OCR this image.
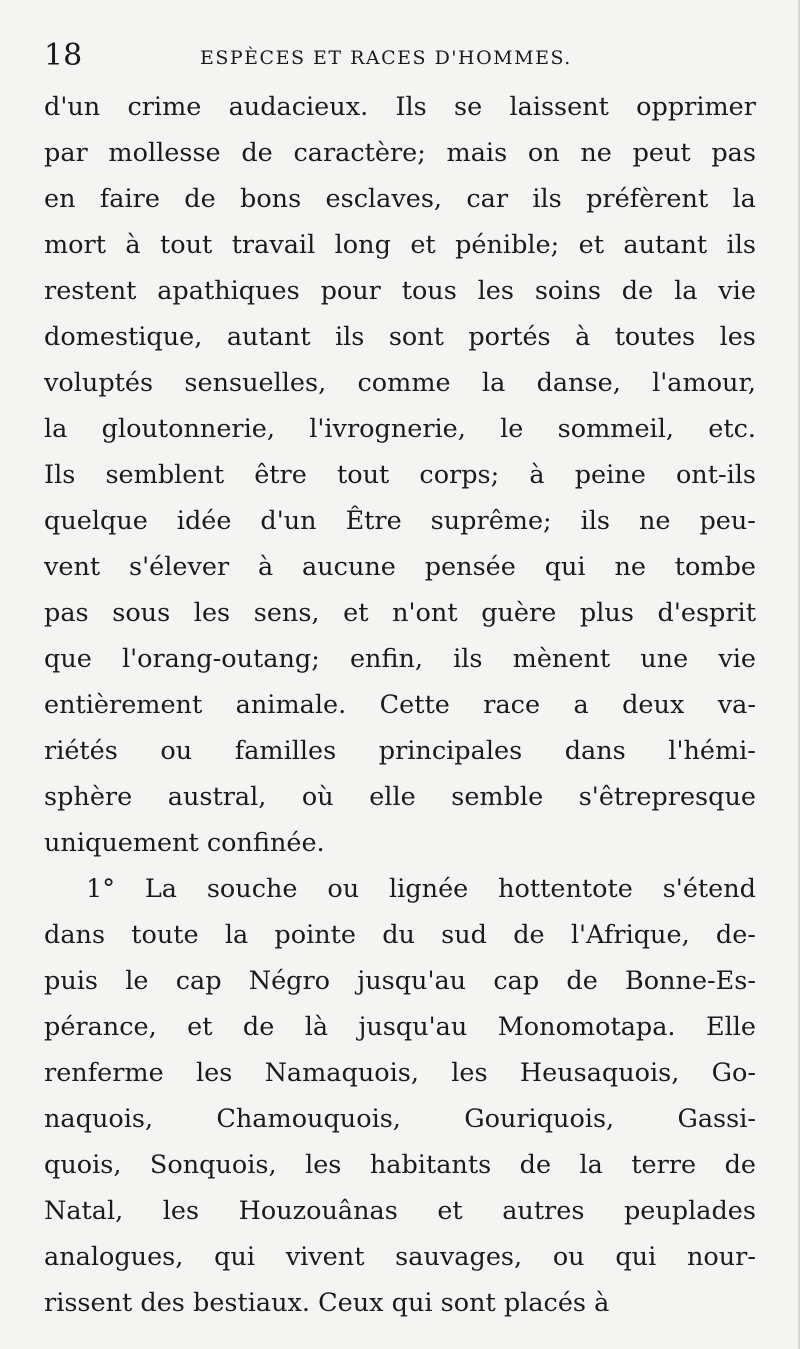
18	ESPÈCES ET RACES D'HOMMES.
d'un crime audacieux. Ils se laissent opprimer
par mollesse de caractère; mais on ne peut pas
en faire de bons esclaves, car ils préfèrent la
mort à tout travail long et pénible; et autant ils
restent apathiques pour tous les soins de la vie
domestique, autant ils sont portés à toutes les
voluptés sensuelles, comme la danse, l'amour,
la gloutonnerie, l'ivrognerie, le sommeil, etc.
Ils semblent être tout corps; à peine ont-ils
quelque idée d'un Être suprême; ils ne peu-
vent s'élever à aucune pensée qui ne tombe
pas sous les sens, et n'ont guère plus d'esprit
que l'orang-outang; enfin, ils mènent une vie
entièrement animale. Cette race a deux va-
riétés ou familles principales dans l'hémi-
sphère austral, où elle semble s'êtrepresque
uniquement confinée.
1° La souche ou lignée hottentote s'étend
dans toute la pointe du sud de l'Afrique, de-
puis le cap Négro jusqu'au cap de Bonne-Es-
pérance, et de là jusqu'au Monomotapa. Elle
renferme les Namaquois, les Heusaquois, Go-
naquois, Chamouquois, Gouriquois, Gassi-
quois, Sonquois, les habitants de la terre de
Natal, les Houzouânas et autres peuplades
analogues, qui vivent sauvages, ou qui nour-
rissent des bestiaux. Ceux qui sont placés à
